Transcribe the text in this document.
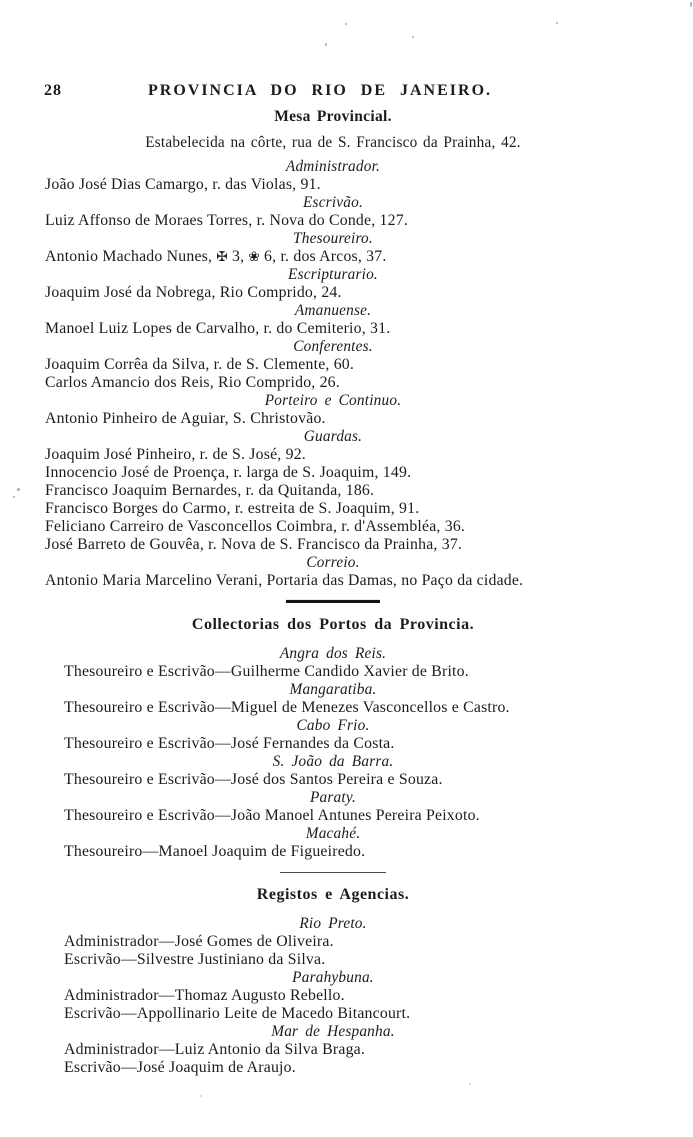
28	PROVINCIA DO RIO DE JANEIRO.
Mesa Provincial.
Estabelecida na côrte, rua de S. Francisco da Prainha, 42.
Administrador.
João José Dias Camargo, r. das Violas, 91.
Escrivão.
Luiz Affonso de Moraes Torres, r. Nova do Conde, 127.
Thesoureiro.
Antonio Machado Nunes, ✠ 3, ❀ 6, r. dos Arcos, 37.
Escripturario.
Joaquim José da Nobrega, Rio Comprido, 24.
Amanuense.
Manoel Luiz Lopes de Carvalho, r. do Cemiterio, 31.
Conferentes.
Joaquim Corrêa da Silva, r. de S. Clemente, 60.
Carlos Amancio dos Reis, Rio Comprido, 26.
Porteiro e Continuo.
Antonio Pinheiro de Aguiar, S. Christovão.
Guardas.
Joaquim José Pinheiro, r. de S. José, 92.
Innocencio José de Proença, r. larga de S. Joaquim, 149.
Francisco Joaquim Bernardes, r. da Quitanda, 186.
Francisco Borges do Carmo, r. estreita de S. Joaquim, 91.
Feliciano Carreiro de Vasconcellos Coimbra, r. d'Assembléa, 36.
José Barreto de Gouvêa, r. Nova de S. Francisco da Prainha, 37.
Correio.
Antonio Maria Marcelino Verani, Portaria das Damas, no Paço da cidade.
Collectorias dos Portos da Provincia.
Angra dos Reis.
Thesoureiro e Escrivão—Guilherme Candido Xavier de Brito.
Mangaratiba.
Thesoureiro e Escrivão—Miguel de Menezes Vasconcellos e Castro.
Cabo Frio.
Thesoureiro e Escrivão—José Fernandes da Costa.
S. João da Barra.
Thesoureiro e Escrivão—José dos Santos Pereira e Souza.
Paraty.
Thesoureiro e Escrivão—João Manoel Antunes Pereira Peixoto.
Macahé.
Thesoureiro—Manoel Joaquim de Figueiredo.
Registos e Agencias.
Rio Preto.
Administrador—José Gomes de Oliveira.
Escrivão—Silvestre Justiniano da Silva.
Parahybuna.
Administrador—Thomaz Augusto Rebello.
Escrivão—Appollinario Leite de Macedo Bitancourt.
Mar de Hespanha.
Administrador—Luiz Antonio da Silva Braga.
Escrivão—José Joaquim de Araujo.
